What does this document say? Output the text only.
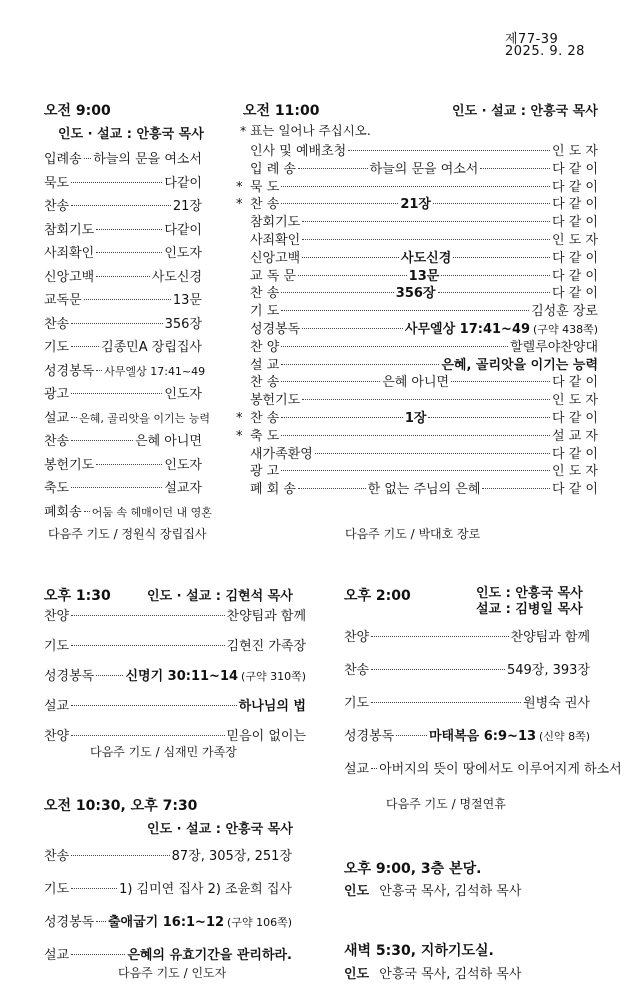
제77-39
2025. 9. 28
오전 9:00
인도 · 설교 : 안흥국 목사
입례송 하늘의 문을 여소서
묵도	다같이
찬송	21장
참회기도	다같이
사죄확인	인도자
신앙고백	사도신경
교독문	13문
찬송	356장
기도 김종민A 장립집사
성경봉독 사무엘상 17:41~49
광고	인도자
설교 은혜, 골리앗을 이기는 능력
찬송	은혜 아니면
봉헌기도	인도자
축도	설교자
폐회송 어둠 속 헤매이던 내 영혼
다음주 기도 / 정원식 장립집사
오전 11:00	인도 · 설교 : 안흥국 목사
* 표는 일어나 주십시오.
인사 및 예배초청	인 도 자
입 례 송	하늘의 문을 여소서	다 같 이
* 묵 도	다 같 이
* 찬 송	21장	다 같 이
참회기도	다 같 이
사죄확인	인 도 자
신앙고백	사도신경	다 같 이
교 독 문	13문	다 같 이
찬 송	356장	다 같 이
기 도	김성훈 장로
성경봉독	사무엘상 17:41~49 (구약 438쪽)
찬 양	할렐루야찬양대
설 교	은혜, 골리앗을 이기는 능력
찬 송	은혜 아니면	다 같 이
봉헌기도	인 도 자
* 찬 송	1장	다 같 이
* 축 도	설 교 자
새가족환영	다 같 이
광 고	인 도 자
폐 회 송	한 없는 주님의 은혜	다 같 이
다음주 기도 / 박대호 장로
오후 1:30	인도 · 설교 : 김현석 목사
찬양	찬양팀과 함께
기도	김현진 가족장
성경봉독 신명기 30:11~14 (구약 310쪽)
설교	하나님의 법
찬양	믿음이 없이는
다음주 기도 / 심재민 가족장
오후 2:00	인도 : 안흥국 목사
설교 : 김병일 목사
찬양	찬양팀과 함께
찬송	549장, 393장
기도	원병숙 권사
성경봉독	마태복음 6:9~13 (신약 8쪽)
설교 아버지의 뜻이 땅에서도 이루어지게 하소서
다음주 기도 / 명절연휴
오전 10:30, 오후 7:30
인도 · 설교 : 안흥국 목사
찬송	87장, 305장, 251장
기도	1) 김미연 집사 2) 조윤희 집사
성경봉독 출애굽기 16:1~12 (구약 106쪽)
설교	은혜의 유효기간을 관리하라.
다음주 기도 / 인도자
오후 9:00, 3층 본당.
인도 안흥국 목사, 김석하 목사
새벽 5:30, 지하기도실.
인도 안흥국 목사, 김석하 목사
